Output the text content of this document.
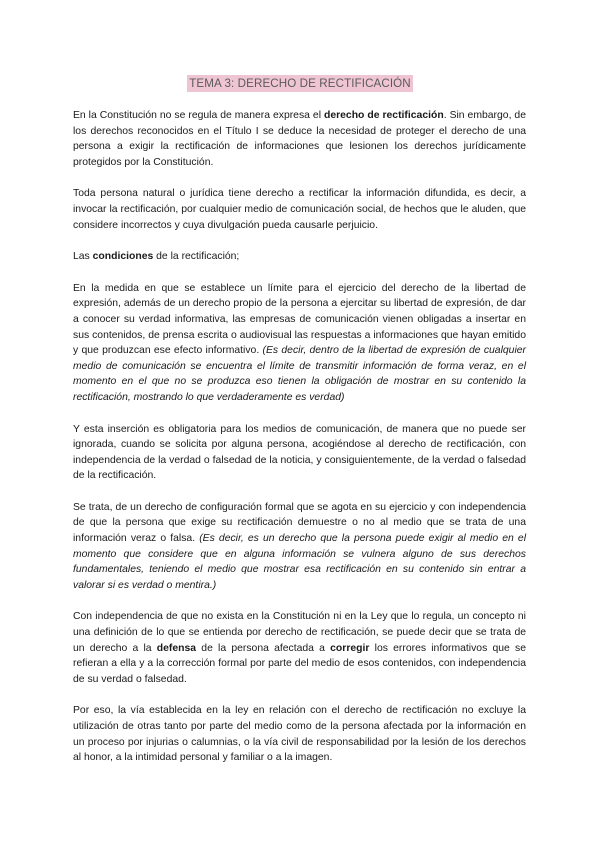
TEMA 3: DERECHO DE RECTIFICACIÓN

En la Constitución no se regula de manera expresa el derecho de rectificación. Sin embargo, de los derechos reconocidos en el Título I se deduce la necesidad de proteger el derecho de una persona a exigir la rectificación de informaciones que lesionen los derechos jurídicamente protegidos por la Constitución.

Toda persona natural o jurídica tiene derecho a rectificar la información difundida, es decir, a invocar la rectificación, por cualquier medio de comunicación social, de hechos que le aluden, que considere incorrectos y cuya divulgación pueda causarle perjuicio.

Las condiciones de la rectificación;

En la medida en que se establece un límite para el ejercicio del derecho de la libertad de expresión, además de un derecho propio de la persona a ejercitar su libertad de expresión, de dar a conocer su verdad informativa, las empresas de comunicación vienen obligadas a insertar en sus contenidos, de prensa escrita o audiovisual las respuestas a informaciones que hayan emitido y que produzcan ese efecto informativo. (Es decir, dentro de la libertad de expresión de cualquier medio de comunicación se encuentra el límite de transmitir información de forma veraz, en el momento en el que no se produzca eso tienen la obligación de mostrar en su contenido la rectificación, mostrando lo que verdaderamente es verdad)

Y esta inserción es obligatoria para los medios de comunicación, de manera que no puede ser ignorada, cuando se solicita por alguna persona, acogiéndose al derecho de rectificación, con independencia de la verdad o falsedad de la noticia, y consiguientemente, de la verdad o falsedad de la rectificación.

Se trata, de un derecho de configuración formal que se agota en su ejercicio y con independencia de que la persona que exige su rectificación demuestre o no al medio que se trata de una información veraz o falsa. (Es decir, es un derecho que la persona puede exigir al medio en el momento que considere que en alguna información se vulnera alguno de sus derechos fundamentales, teniendo el medio que mostrar esa rectificación en su contenido sin entrar a valorar si es verdad o mentira.)

Con independencia de que no exista en la Constitución ni en la Ley que lo regula, un concepto ni una definición de lo que se entienda por derecho de rectificación, se puede decir que se trata de un derecho a la defensa de la persona afectada a corregir los errores informativos que se refieran a ella y a la corrección formal por parte del medio de esos contenidos, con independencia de su verdad o falsedad.

Por eso, la vía establecida en la ley en relación con el derecho de rectificación no excluye la utilización de otras tanto por parte del medio como de la persona afectada por la información en un proceso por injurias o calumnias, o la vía civil de responsabilidad por la lesión de los derechos al honor, a la intimidad personal y familiar o a la imagen.
